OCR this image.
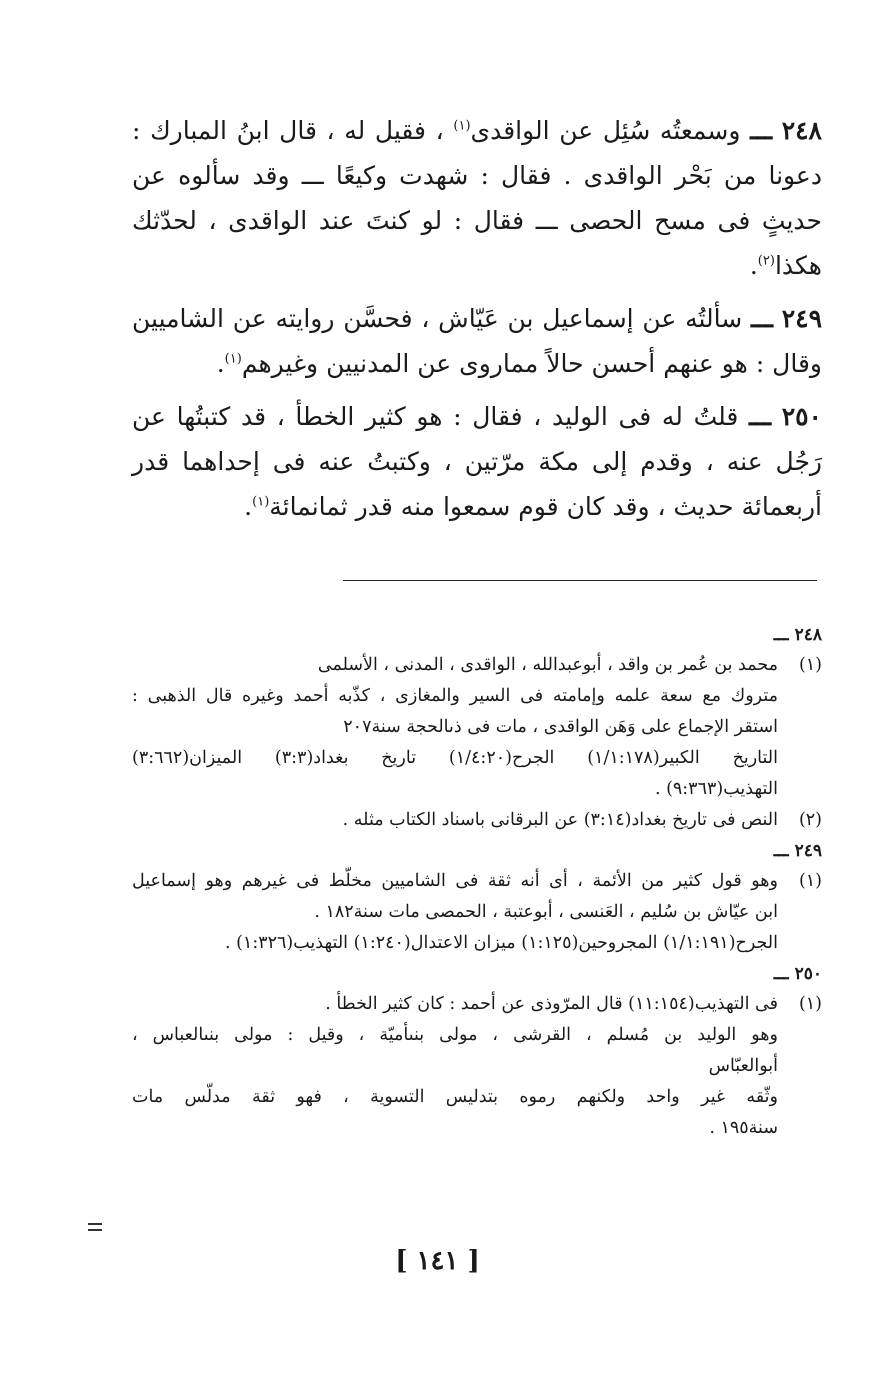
٢٤٨ ـــ وسمعتُه سُئِل عن الواقدى$^{(١)}$ ، فقيل له ، قال ابنُ المبارك : دعونا من بَحْر الواقدى . فقال : شهدت وكيعًا ـــ وقد سألوه عن حديثٍ فى مسح الحصى ـــ فقال : لو كنتَ عند الواقدى ، لحدّثك هكذا$^{(٢)}$.

٢٤٩ ـــ سألتُه عن إسماعيل بن عَيّاش ، فحسَّن روايته عن الشاميين وقال : هو عنهم أحسن حالاً مماروى عن المدنيين وغيرهم$^{(١)}$.

٢٥٠ ـــ قلتُ له فى الوليد ، فقال : هو كثير الخطأ ، قد كتبتُها عن رَجُل عنه ، وقدم إلى مكة مرّتين ، وكتبتُ عنه فى إحداهما قدر أربعمائة حديث ، وقد كان قوم سمعوا منه قدر ثمانمائة$^{(١)}$.

٢٤٨ ـــ
(١)
محمد بن عُمر بن واقد ، أبوعبدالله ، الواقدى ، المدنى ، الأسلمى
متروك مع سعة علمه وإمامته فى السير والمغازى ، كذّبه أحمد وغيره قال الذهبى :
استقر الإجماع على وَهَن الواقدى ، مات فى ذىالحجة سنة٢٠٧
التاريخ الكبير(١/١:١٧٨) الجرح(١/٤:٢٠) تاريخ بغداد(٣:٣) الميزان(٣:٦٦٢)
التهذيب(٩:٣٦٣) .
(٢)
النص فى تاريخ بغداد(٣:١٤) عن البرقانى باسناد الكتاب مثله .
٢٤٩ ـــ
(١)
وهو قول كثير من الأئمة ، أى أنه ثقة فى الشاميين مخلّط فى غيرهم وهو إسماعيل
ابن عيّاش بن سُليم ، العَنسى ، أبوعتبة ، الحمصى مات سنة١٨٢ .
الجرح(١/١:١٩١) المجروحين(١:١٢٥) ميزان الاعتدال(١:٢٤٠) التهذيب(١:٣٢٦) .
٢٥٠ ـــ
(١)
فى التهذيب(١١:١٥٤) قال المرّوذى عن أحمد : كان كثير الخطأ .
وهو الوليد بن مُسلم ، القرشى ، مولى بنىأميّة ، وقيل : مولى بنىالعباس ،
أبوالعبّاس
وثّقه غير واحد ولكنهم رموه بتدليس التسوية ، فهو ثقة مدلّس مات
سنة١٩٥ .
[ ١٤١ ]
